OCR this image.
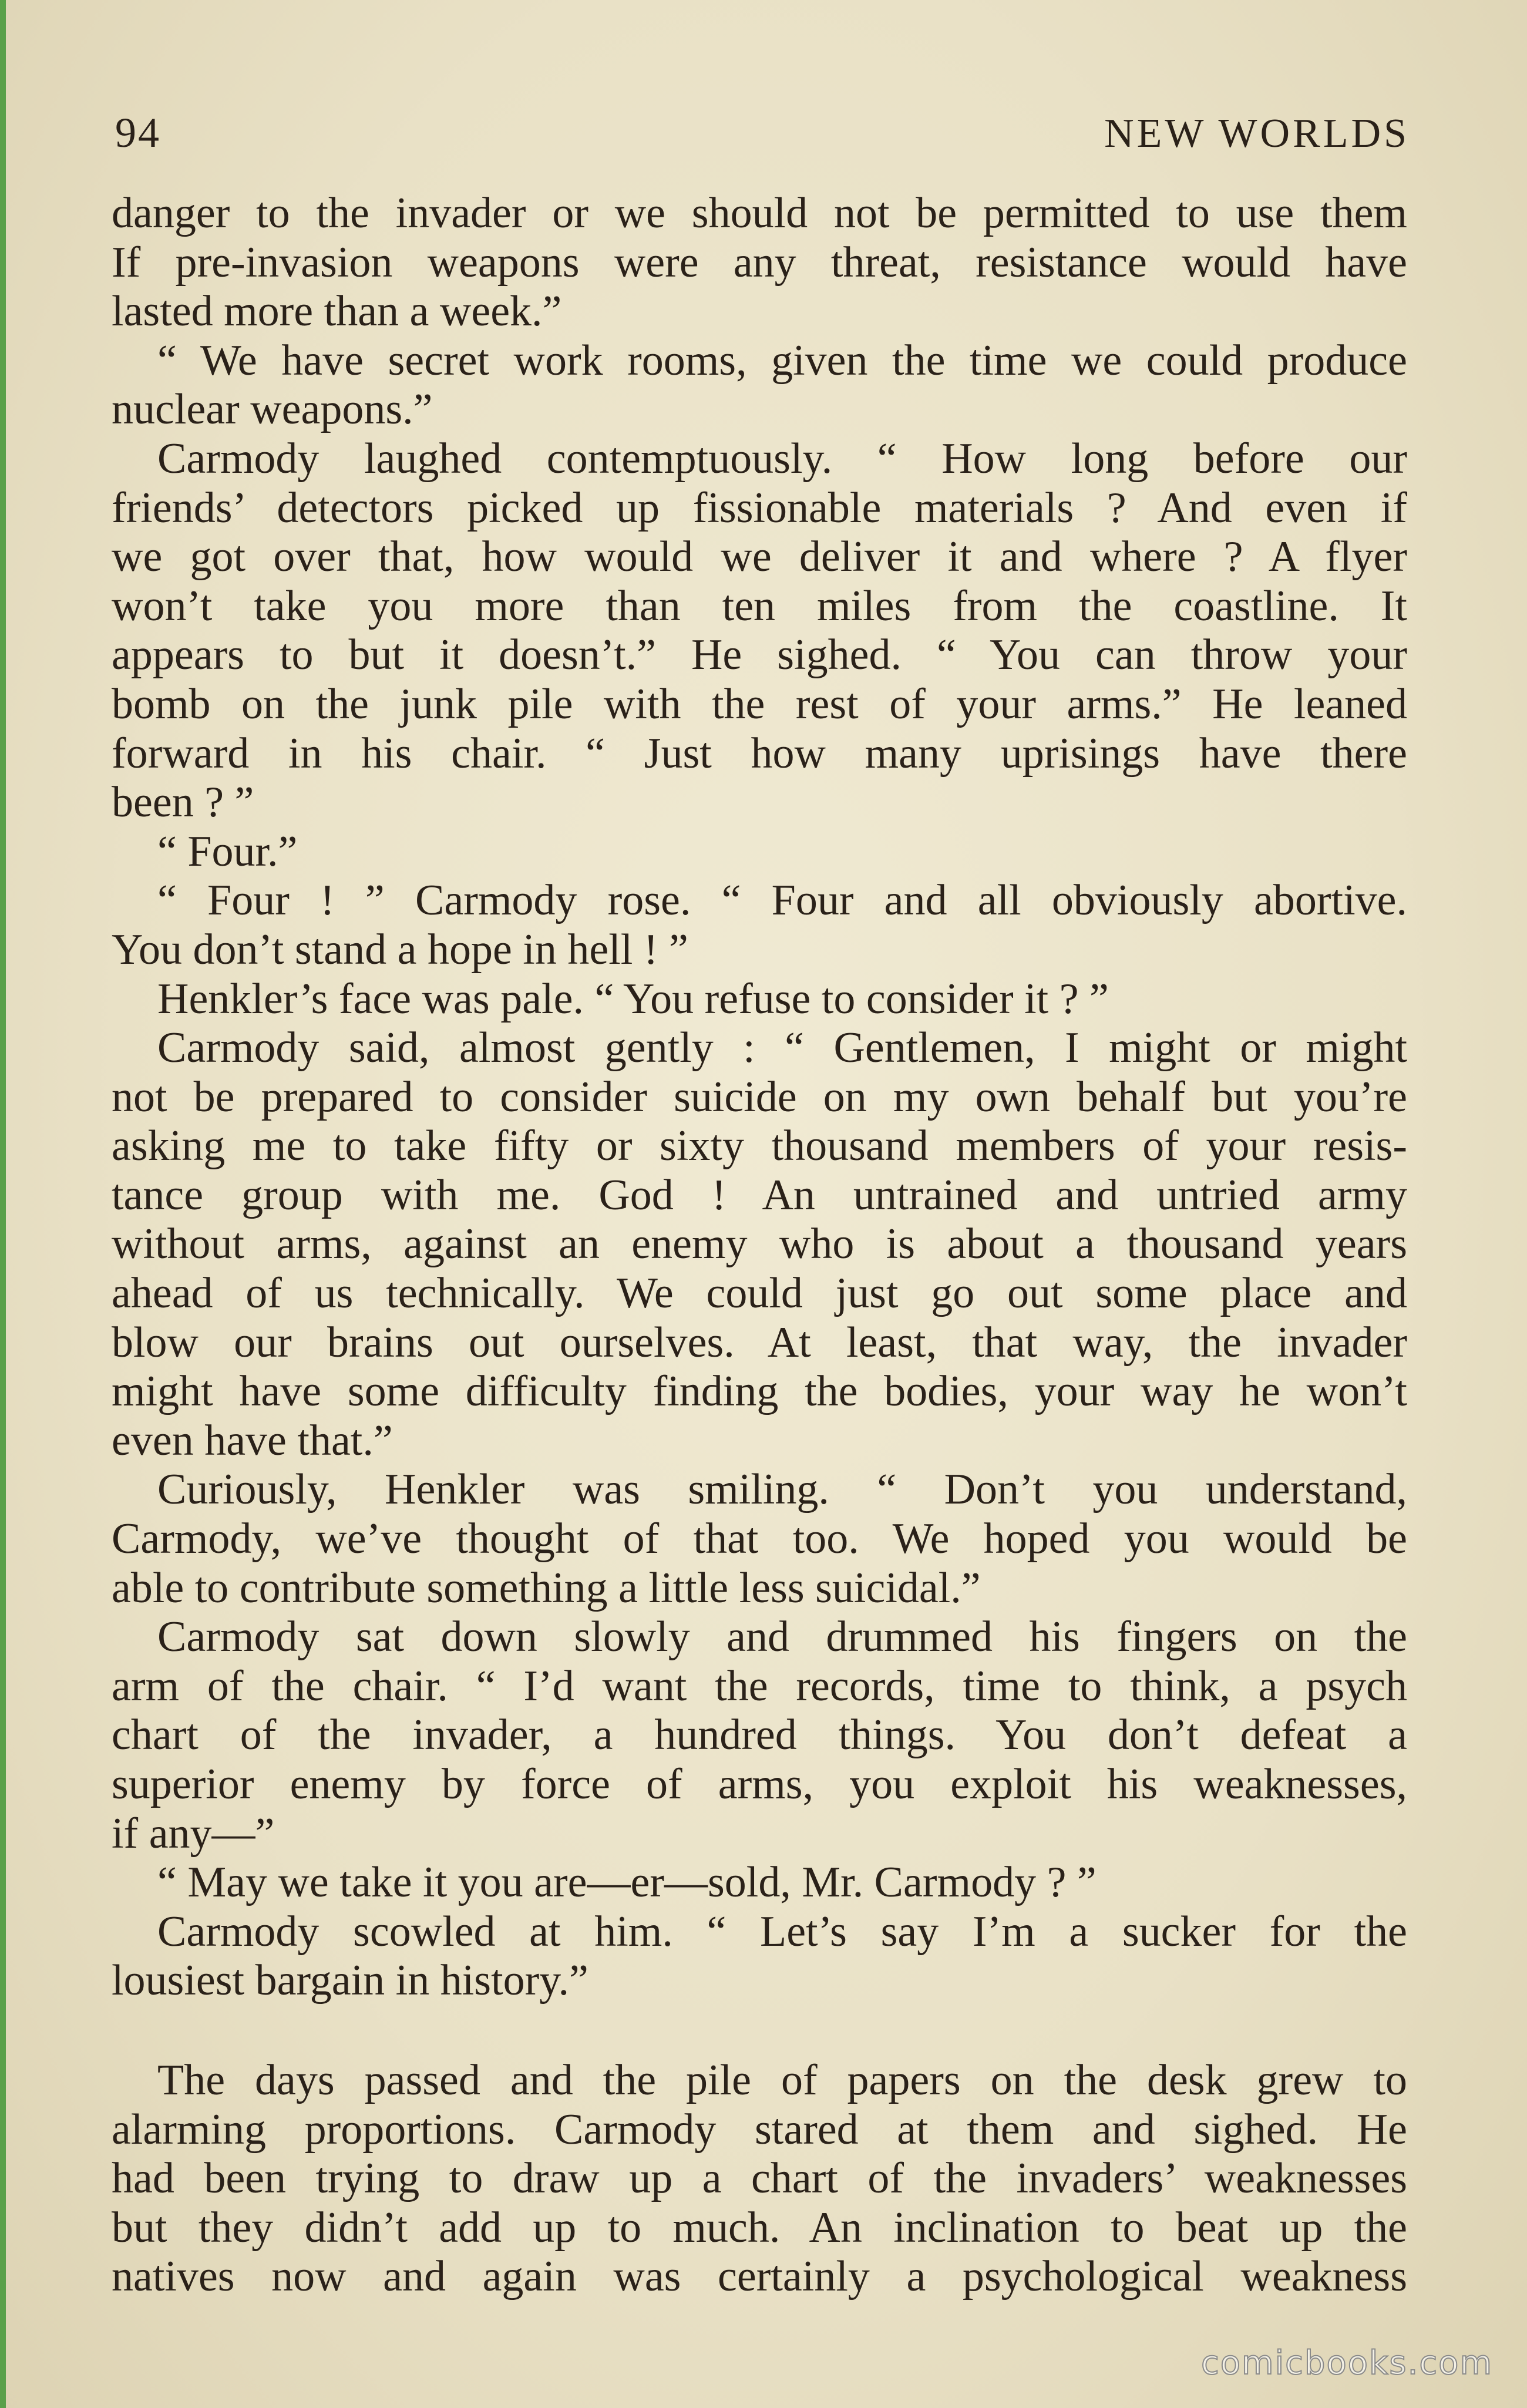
94	NEW WORLDS
danger to the invader or we should not be permitted to use them
If pre-invasion weapons were any threat, resistance would have
lasted more than a week.”
“ We have secret work rooms, given the time we could produce
nuclear weapons.”
Carmody laughed contemptuously. “ How long before our
friends’ detectors picked up fissionable materials ? And even if
we got over that, how would we deliver it and where ? A flyer
won’t take you more than ten miles from the coastline. It
appears to but it doesn’t.” He sighed. “ You can throw your
bomb on the junk pile with the rest of your arms.” He leaned
forward in his chair. “ Just how many uprisings have there
been ? ”
“ Four.”
“ Four ! ” Carmody rose. “ Four and all obviously abortive.
You don’t stand a hope in hell ! ”
Henkler’s face was pale. “ You refuse to consider it ? ”
Carmody said, almost gently : “ Gentlemen, I might or might
not be prepared to consider suicide on my own behalf but you’re
asking me to take fifty or sixty thousand members of your resis-
tance group with me. God ! An untrained and untried army
without arms, against an enemy who is about a thousand years
ahead of us technically. We could just go out some place and
blow our brains out ourselves. At least, that way, the invader
might have some difficulty finding the bodies, your way he won’t
even have that.”
Curiously, Henkler was smiling. “ Don’t you understand,
Carmody, we’ve thought of that too. We hoped you would be
able to contribute something a little less suicidal.”
Carmody sat down slowly and drummed his fingers on the
arm of the chair. “ I’d want the records, time to think, a psych
chart of the invader, a hundred things. You don’t defeat a
superior enemy by force of arms, you exploit his weaknesses,
if any—”
“ May we take it you are—er—sold, Mr. Carmody ? ”
Carmody scowled at him. “ Let’s say I’m a sucker for the
lousiest bargain in history.”
The days passed and the pile of papers on the desk grew to
alarming proportions. Carmody stared at them and sighed. He
had been trying to draw up a chart of the invaders’ weaknesses
but they didn’t add up to much. An inclination to beat up the
natives now and again was certainly a psychological weakness
comicbooks.com
